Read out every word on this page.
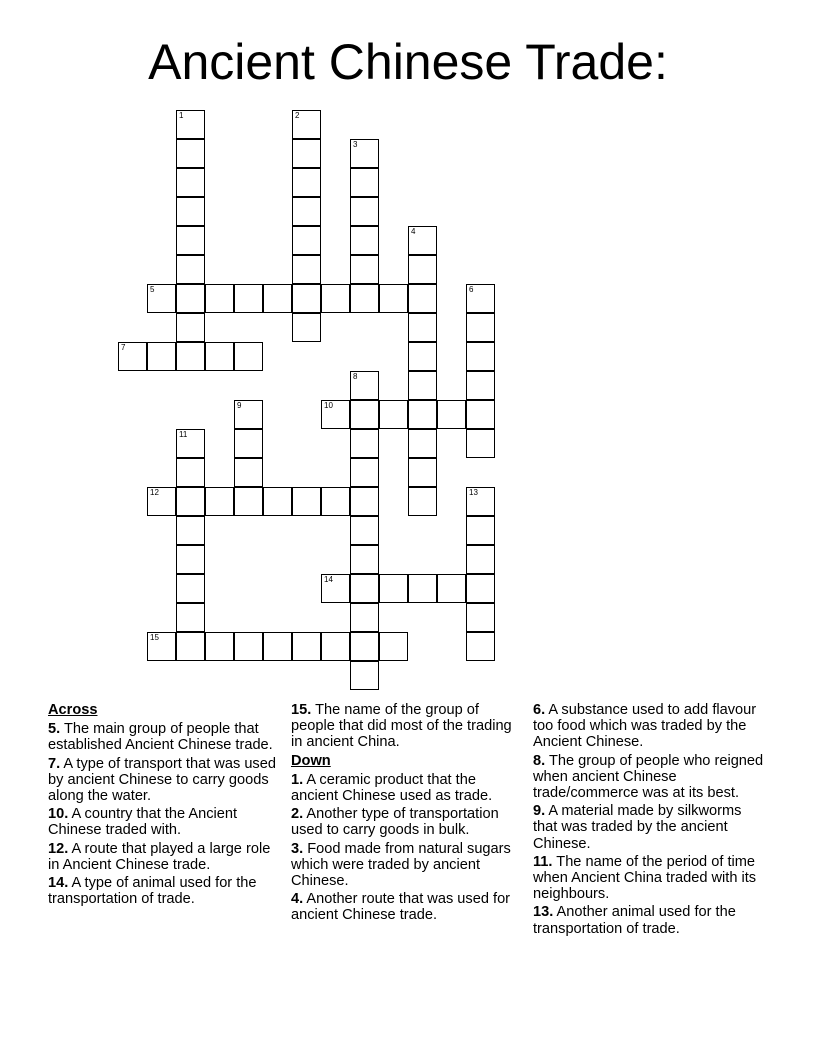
Ancient Chinese Trade:
1	2
3
4
5	6
7
8
9	10
11
12	13
14
15

Across

5. The main group of people that established Ancient Chinese trade.

7. A type of transport that was used by ancient Chinese to carry goods along the water.

10. A country that the Ancient Chinese traded with.

12. A route that played a large role in Ancient Chinese trade.

14. A type of animal used for the transportation of trade.

15. The name of the group of people that did most of the trading in ancient China.

Down

1. A ceramic product that the ancient Chinese used as trade.

2. Another type of transportation used to carry goods in bulk.

3. Food made from natural sugars which were traded by ancient Chinese.

4. Another route that was used for ancient Chinese trade.

6. A substance used to add flavour too food which was traded by the Ancient Chinese.

8. The group of people who reigned when ancient Chinese trade/commerce was at its best.

9. A material made by silkworms that was traded by the ancient Chinese.

11. The name of the period of time when Ancient China traded with its neighbours.

13. Another animal used for the transportation of trade.
